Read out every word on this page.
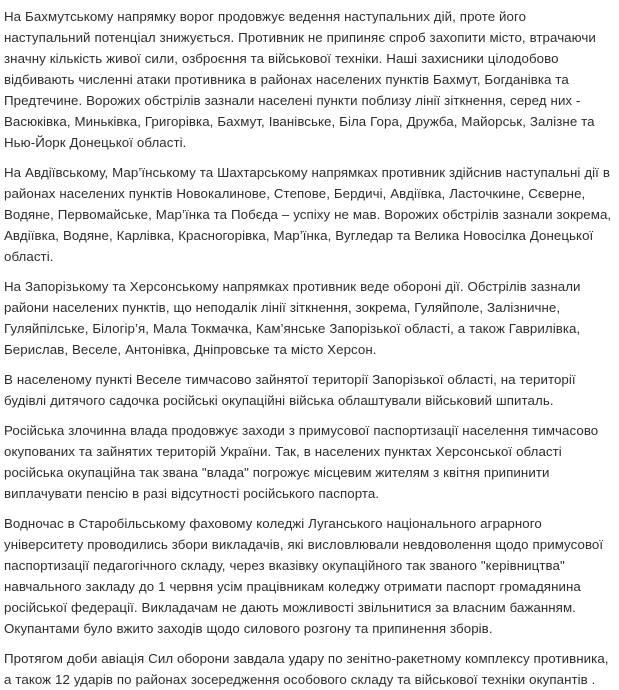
На Бахмутському напрямку ворог продовжує ведення наступальних дій, проте його наступальний потенціал знижується. Противник не припиняє спроб захопити місто, втрачаючи значну кількість живої сили, озброєння та військової техніки. Наші захисники цілодобово відбивають численні атаки противника в районах населених пунктів Бахмут, Богданівка та Предтечине. Ворожих обстрілів зазнали населені пункти поблизу лінії зіткнення, серед них - Васюківка, Миньківка, Григорівка, Бахмут, Іванівське, Біла Гора, Дружба, Майорськ, Залізне та Нью-Йорк Донецької області.

На Авдіївському, Мар’їнському та Шахтарському напрямках противник здійснив наступальні дії в районах населених пунктів Новокалинове, Степове, Бердичі, Авдіївка, Ласточкине, Сєверне, Водяне, Первомайське, Мар’їнка та Побєда – успіху не мав. Ворожих обстрілів зазнали зокрема, Авдіївка, Водяне, Карлівка, Красногорівка, Мар’їнка, Вугледар та Велика Новосілка Донецької області.

На Запорізькому та Херсонському напрямках противник веде обороні дії. Обстрілів зазнали райони населених пунктів, що неподалік лінії зіткнення, зокрема, Гуляйполе, Залізничне, Гуляйпілське, Білогір’я, Мала Токмачка, Кам’янське Запорізької області, а також Гаврилівка, Берислав, Веселе, Антонівка, Дніпровське та місто Херсон.

В населеному пункті Веселе тимчасово зайнятої території Запорізької області, на території будівлі дитячого садочка російські окупаційні війська облаштували військовий шпиталь.

Російська злочинна влада продовжує заходи з примусової паспортизації населення тимчасово окупованих та зайнятих територій України. Так, в населених пунктах Херсонської області російська окупаційна так звана "влада" погрожує місцевим жителям з квітня припинити виплачувати пенсію в разі відсутності російського паспорта.

Водночас в Старобільському фаховому коледжі Луганського національного аграрного університету проводились збори викладачів, які висловлювали невдоволення щодо примусової паспортизації педагогічного складу, через вказівку окупаційного так званого "керівництва" навчального закладу до 1 червня усім працівникам коледжу отримати паспорт громадянина російської федерації. Викладачам не дають можливості звільнитися за власним бажанням. Окупантами було вжито заходів щодо силового розгону та припинення зборів.

Протягом доби авіація Сил оборони завдала удару по зенітно-ракетному комплексу противника, а також 12 ударів по районах зосередження особового складу та військової техніки окупантів .
